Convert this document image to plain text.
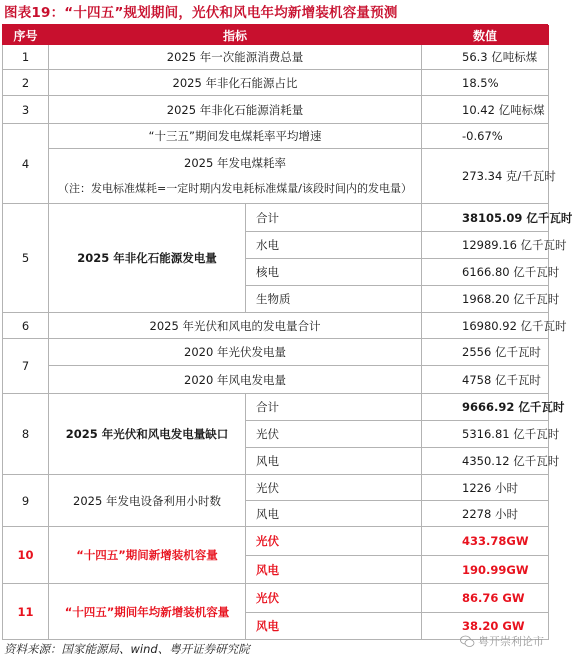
图表19：“十四五”规划期间，光伏和风电年均新增装机容量预测
序号	指标		数值
1	2025 年一次能源消费总量		56.3 亿吨标煤
2	2025 年非化石能源占比		18.5%
3	2025 年非化石能源消耗量		10.42 亿吨标煤
4	“十三五”期间发电煤耗率平均增速		-0.67%

	2025 年发电煤耗率
（注：发电标准煤耗=一定时期内发电耗标准煤量/该段时间内的发电量）		273.34 克/千瓦时
5	2025 年非化石能源发电量	合计	38105.09 亿千瓦时
		水电	12989.16 亿千瓦时
		核电	6166.80 亿千瓦时
		生物质	1968.20 亿千瓦时
6	2025 年光伏和风电的发电量合计		16980.92 亿千瓦时
7	2020 年光伏发电量		2556 亿千瓦时
	2020 年风电发电量		4758 亿千瓦时
8	2025 年光伏和风电发电量缺口	合计	9666.92 亿千瓦时
		光伏	5316.81 亿千瓦时
		风电	4350.12 亿千瓦时
9	2025 年发电设备利用小时数	光伏	1226 小时
		风电	2278 小时
10	“十四五”期间新增装机容量	光伏	433.78GW
		风电	190.99GW
11	“十四五”期间年均新增装机容量	光伏	86.76 GW
		风电	38.20 GW
资料来源：国家能源局、wind、粤开证券研究院
粤开崇利论市
